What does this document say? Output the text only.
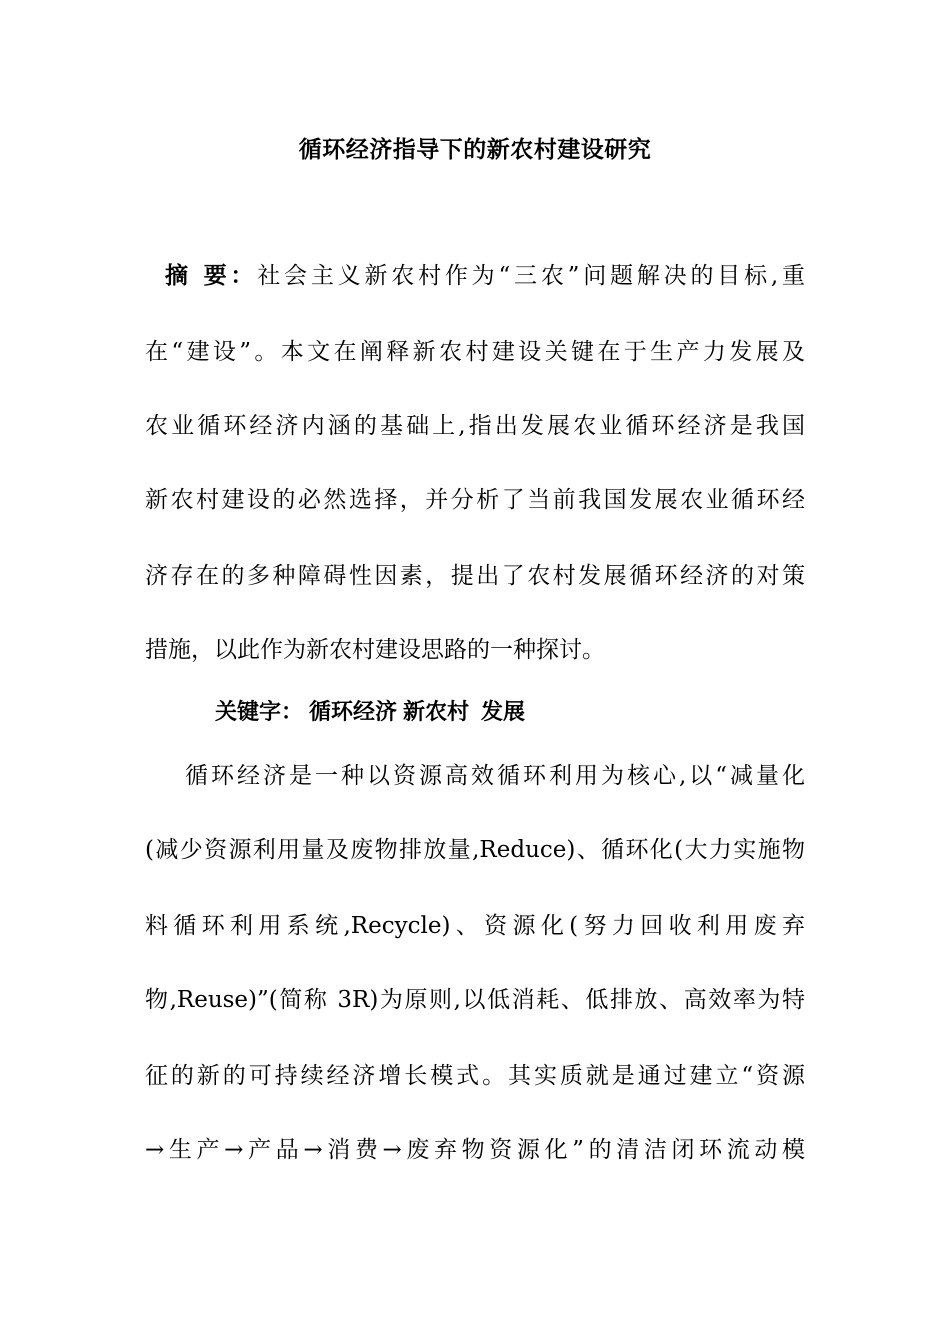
循环经济指导下的新农村建设研究
摘 要：社会主义新农村作为“三农”问题解决的目标,重
在“建设”。本文在阐释新农村建设关键在于生产力发展及
农业循环经济内涵的基础上,指出发展农业循环经济是我国
新农村建设的必然选择，并分析了当前我国发展农业循环经
济存在的多种障碍性因素，提出了农村发展循环经济的对策
措施，以此作为新农村建设思路的一种探讨。
关键字： 循环经济 新农村 发展
循环经济是一种以资源高效循环利用为核心,以“减量化
(减少资源利用量及废物排放量,Reduce)、循环化(大力实施物
料循环利用系统,Recycle)、资源化(努力回收利用废弃
物,Reuse)”(简称 3R)为原则,以低消耗、低排放、高效率为特
征的新的可持续经济增长模式。其实质就是通过建立“资源
→生产→产品→消费→废弃物资源化”的清洁闭环流动模
